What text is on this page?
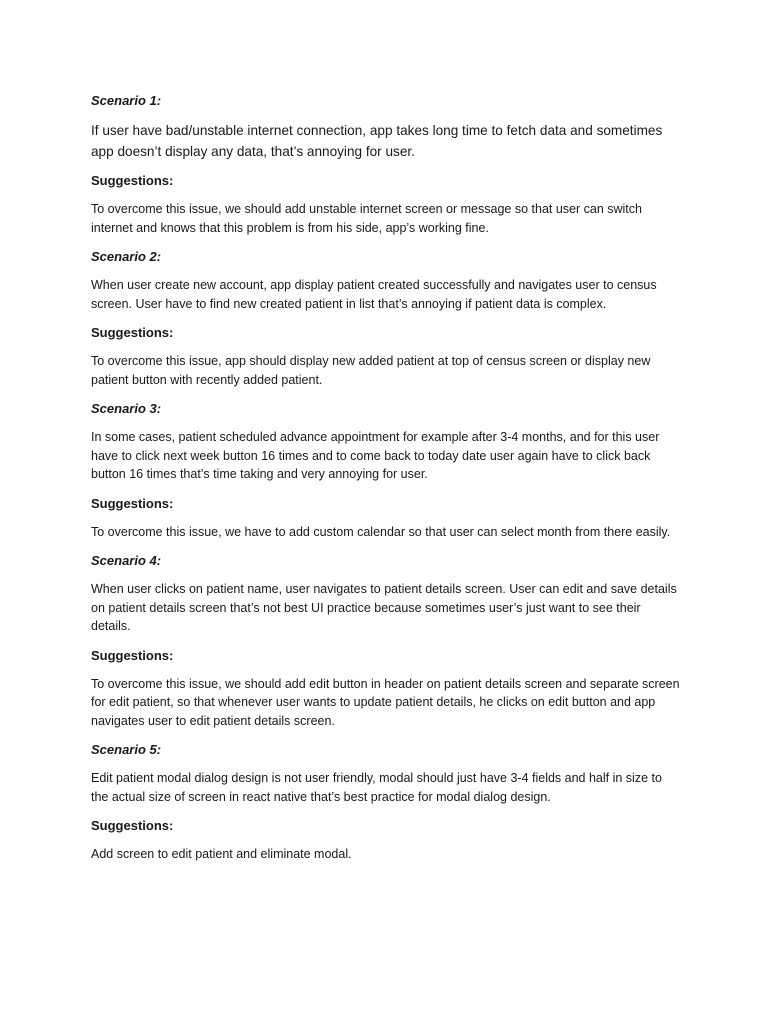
Scenario 1:

If user have bad/unstable internet connection, app takes long time to fetch data and sometimes app doesn’t display any data, that’s annoying for user.

Suggestions:

To overcome this issue, we should add unstable internet screen or message so that user can switch internet and knows that this problem is from his side, app’s working fine.

Scenario 2:

When user create new account, app display patient created successfully and navigates user to census screen. User have to find new created patient in list that’s annoying if patient data is complex.

Suggestions:

To overcome this issue, app should display new added patient at top of census screen or display new patient button with recently added patient.

Scenario 3:

In some cases, patient scheduled advance appointment for example after 3-4 months, and for this user have to click next week button 16 times and to come back to today date user again have to click back button 16 times that’s time taking and very annoying for user.

Suggestions:

To overcome this issue, we have to add custom calendar so that user can select month from there easily.

Scenario 4:

When user clicks on patient name, user navigates to patient details screen. User can edit and save details on patient details screen that’s not best UI practice because sometimes user’s just want to see their details.

Suggestions:

To overcome this issue, we should add edit button in header on patient details screen and separate screen for edit patient, so that whenever user wants to update patient details, he clicks on edit button and app navigates user to edit patient details screen.

Scenario 5:

Edit patient modal dialog design is not user friendly, modal should just have 3-4 fields and half in size to the actual size of screen in react native that’s best practice for modal dialog design.

Suggestions:

Add screen to edit patient and eliminate modal.
